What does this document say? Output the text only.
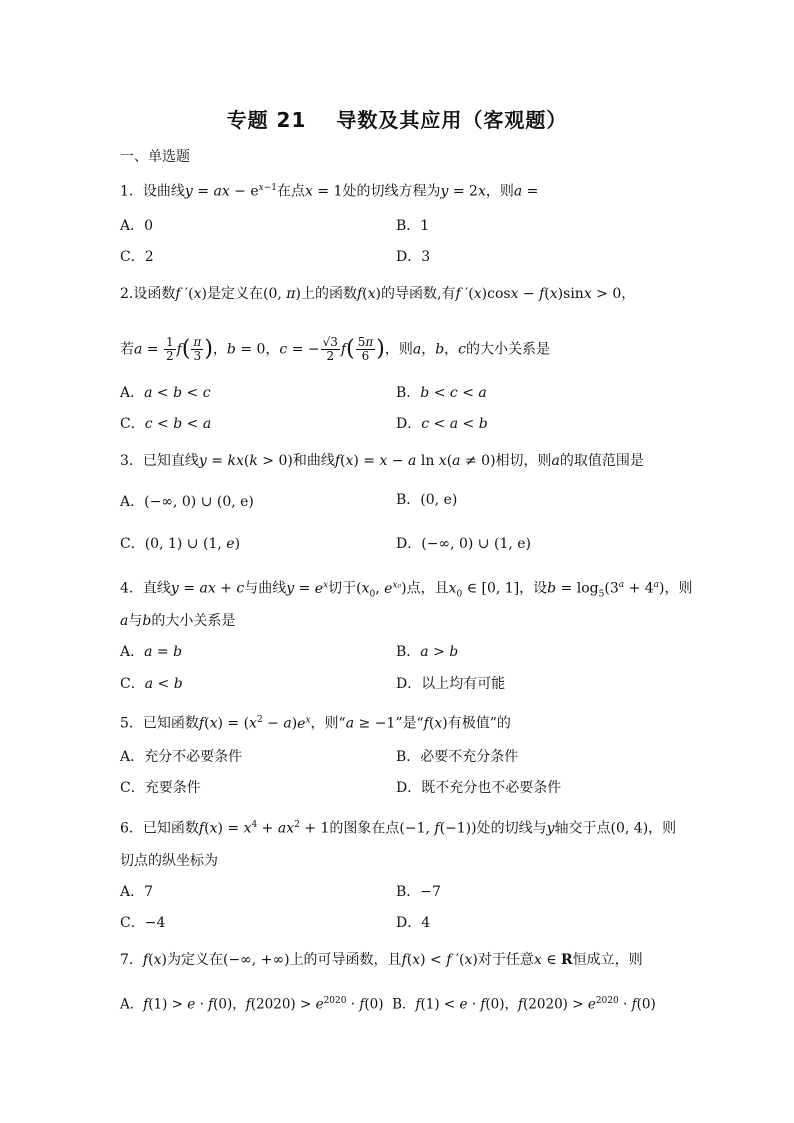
专题 21 导数及其应用（客观题）
一、单选题
1．设曲线y = ax − $e^{x-1}$在点x = 1处的切线方程为y = 2x，则a =
A．0	B．1
C．2	D．3
2.设函数f ′(x)是定义在(0, π)上的函数f(x)的导函数,有f ′(x)cosx − f(x)sinx > 0，
若$a = \frac{1}{2} f( \frac{\pi}{3}$ )，b = 0，c = − $\frac{√3}{2} f( \frac{5\pi}{6}$ )，则a，b，c的大小关系是
A．a < b < c	B．b < c < a
C．c < b < a	D．c < a < b
3．已知直线y = kx(k > 0)和曲线f(x) = x − a ln x(a ≠ 0)相切，则a的取值范围是
A．(−∞, 0) ∪ (0, e)	B．(0, e)
C．(0, 1) ∪ (1, e)	D．(−∞, 0) ∪ (1, e)
4．直线y = ax + c与曲线$y = e^x$切于($x_0$, $e^{x_0}$)点，且$x_0$ ∈ [0, 1]，设$b = \log_5(3^a + 4^a)$，则
a与b的大小关系是
A．a = b	B．a > b
C．a < b	D．以上均有可能
5．已知函数$f(x) = (x^2 - a)e^x$，则“a ≥ −1”是“f(x)有极值”的
A．充分不必要条件	B．必要不充分条件
C．充要条件	D．既不充分也不必要条件
6．已知函数$f(x) = x^4 + ax^2 + 1$的图象在点(−1, f(−1))处的切线与y轴交于点(0, 4)，则
切点的纵坐标为
A．7	B．−7
C．−4	D．4
7．f(x)为定义在(−∞, +∞)上的可导函数，且f(x) < f ′(x)对于任意x ∈ R恒成立，则
A．f(1) > e · f(0)，$f(2020) > e^{2020} \cdot f(0)$  B．f(1) < e · f(0)，$f(2020) > e^{2020} \cdot f(0)$
